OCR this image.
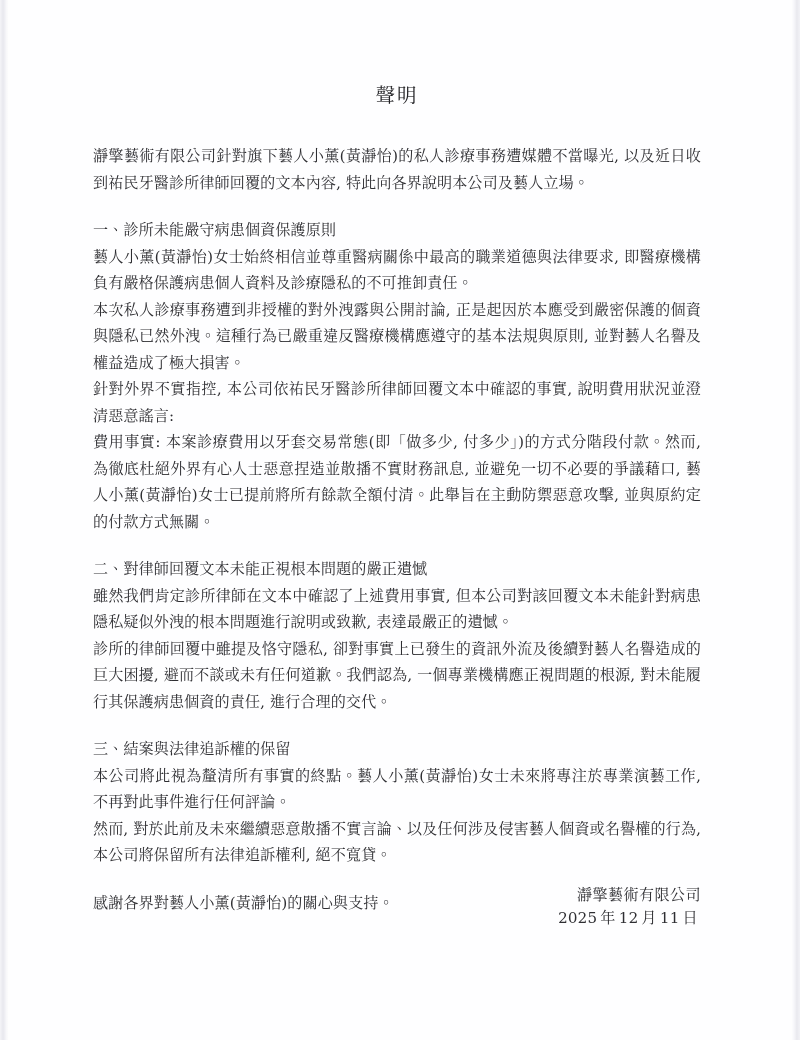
聲明

瀞擎藝術有限公司針對旗下藝人小薰(黃瀞怡)的私人診療事務遭媒體不當曝光, 以及近日收到祐民牙醫診所律師回覆的文本內容, 特此向各界說明本公司及藝人立場。

一、診所未能嚴守病患個資保護原則

藝人小薰(黃瀞怡)女士始終相信並尊重醫病關係中最高的職業道德與法律要求, 即醫療機構負有嚴格保護病患個人資料及診療隱私的不可推卸責任。

本次私人診療事務遭到非授權的對外洩露與公開討論, 正是起因於本應受到嚴密保護的個資與隱私已然外洩。這種行為已嚴重違反醫療機構應遵守的基本法規與原則, 並對藝人名譽及權益造成了極大損害。

針對外界不實指控, 本公司依祐民牙醫診所律師回覆文本中確認的事實, 說明費用狀況並澄清惡意謠言:

費用事實: 本案診療費用以牙套交易常態(即「做多少, 付多少」)的方式分階段付款。然而, 為徹底杜絕外界有心人士惡意捏造並散播不實財務訊息, 並避免一切不必要的爭議藉口, 藝人小薰(黃瀞怡)女士已提前將所有餘款全額付清。此舉旨在主動防禦惡意攻擊, 並與原約定的付款方式無關。

二、對律師回覆文本未能正視根本問題的嚴正遺憾

雖然我們肯定診所律師在文本中確認了上述費用事實, 但本公司對該回覆文本未能針對病患隱私疑似外洩的根本問題進行說明或致歉, 表達最嚴正的遺憾。

診所的律師回覆中雖提及恪守隱私, 卻對事實上已發生的資訊外流及後續對藝人名譽造成的巨大困擾, 避而不談或未有任何道歉。我們認為, 一個專業機構應正視問題的根源, 對未能履行其保護病患個資的責任, 進行合理的交代。

三、結案與法律追訴權的保留

本公司將此視為釐清所有事實的終點。藝人小薰(黃瀞怡)女士未來將專注於專業演藝工作, 不再對此事件進行任何評論。

然而, 對於此前及未來繼續惡意散播不實言論、以及任何涉及侵害藝人個資或名譽權的行為, 本公司將保留所有法律追訴權利, 絕不寬貸。

感謝各界對藝人小薰(黃瀞怡)的關心與支持。	瀞擎藝術有限公司
2025 年 12 月 11 日
